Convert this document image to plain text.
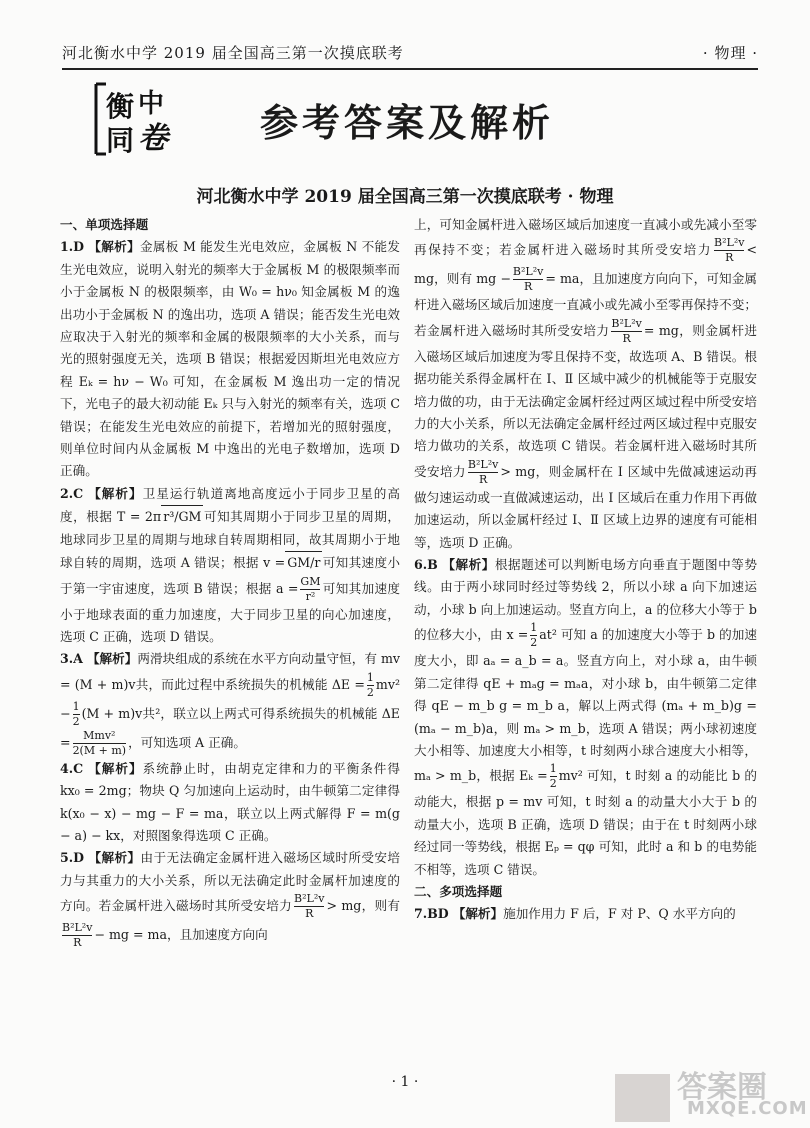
河北衡水中学 2019 届全国高三第一次摸底联考	· 物理 ·
衡 中
同 卷 参考答案及解析
河北衡水中学 2019 届全国高三第一次摸底联考 · 物理

一、单项选择题

1.D 【解析】金属板 M 能发生光电效应，金属板 N 不能发生光电效应，说明入射光的频率大于金属板 M 的极限频率而小于金属板 N 的极限频率，由 W₀ = hν₀ 知金属板 M 的逸出功小于金属板 N 的逸出功，选项 A 错误；能否发生光电效应取决于入射光的频率和金属的极限频率的大小关系，而与光的照射强度无关，选项 B 错误；根据爱因斯坦光电效应方程 Eₖ = hν − W₀ 可知，在金属板 M 逸出功一定的情况下，光电子的最大初动能 Eₖ 只与入射光的频率有关，选项 C 错误；在能发生光电效应的前提下，若增加光的照射强度，则单位时间内从金属板 M 中逸出的光电子数增加，选项 D 正确。

2.C 【解析】卫星运行轨道离地高度远小于同步卫星的高度，根据 T = 2π r³/GM 可知其周期小于同步卫星的周期，地球同步卫星的周期与地球自转周期相同，故其周期小于地球自转的周期，选项 A 错误；根据 v = GM/r 可知其速度小于第一宇宙速度，选项 B 错误；根据 $a = \frac{GM}{\text{r²}}$ 可知其加速度小于地球表面的重力加速度，大于同步卫星的向心加速度，选项 C 正确，选项 D 错误。

3.A 【解析】两滑块组成的系统在水平方向动量守恒，有 mv = (M + m)v共，而此过程中系统损失的机械能 $\Delta E = \frac{1}{2} mv^2 - \frac{1}{2} (M + m)v$共²，联立以上两式可得系统损失的机械能 $\Delta E = \frac{\text{Mmv²}}{2(M + m)}$ ，可知选项 A 正确。

4.C 【解析】系统静止时，由胡克定律和力的平衡条件得 kx₀ = 2mg；物块 Q 匀加速向上运动时，由牛顿第二定律得 k(x₀ − x) − mg − F = ma，联立以上两式解得 F = m(g − a) − kx，对照图象得选项 C 正确。

5.D 【解析】由于无法确定金属杆进入磁场区域时所受安培力与其重力的大小关系，所以无法确定此时金属杆加速度的方向。若金属杆进入磁场时其所受安培力 $\frac{\text{B²L²v}}{R}$ > mg，则有
$\frac{\text{B²L²v}}{R}$ − mg = ma，且加速度方向向

上，可知金属杆进入磁场区域后加速度一直减小或先减小至零再保持不变；若金属杆进入磁场时其所受安培力 $\frac{\text{B²L²v}}{R}$ < mg，则有 mg − $\frac{\text{B²L²v}}{R}$ = ma，且加速度方向向下，可知金属杆进入磁场区域后加速度一直减小或先减小至零再保持不变；若金属杆进入磁场时其所受安培力 $\frac{\text{B²L²v}}{R}$ = mg，则金属杆进入磁场区域后加速度为零且保持不变，故选项 A、B 错误。根据功能关系得金属杆在 Ⅰ、Ⅱ 区域中减少的机械能等于克服安培力做的功，由于无法确定金属杆经过两区域过程中所受安培力的大小关系，所以无法确定金属杆经过两区域过程中克服安培力做功的关系，故选项 C 错误。若金属杆进入磁场时其所受安培力 $\frac{\text{B²L²v}}{R}$ > mg，则金属杆在 Ⅰ 区域中先做减速运动再做匀速运动或一直做减速运动，出 Ⅰ 区域后在重力作用下再做加速运动，所以金属杆经过 Ⅰ、Ⅱ 区域上边界的速度有可能相等，选项 D 正确。

6.B 【解析】根据题述可以判断电场方向垂直于题图中等势线。由于两小球同时经过等势线 2，所以小球 a 向下加速运动，小球 b 向上加速运动。竖直方向上，a 的位移大小等于 b 的位移大小，由 $x = \frac{1}{2} at^2$ 可知 a 的加速度大小等于 b 的加速度大小，即 aₐ = a_b = a。竖直方向上，对小球 a，由牛顿第二定律得 qE + mₐg = mₐa，对小球 b，由牛顿第二定律得 qE − m_b g = m_b a，解以上两式得 (mₐ + m_b)g = (mₐ − m_b)a，则 mₐ > m_b，选项 A 错误；两小球初速度大小相等、加速度大小相等，t 时刻两小球合速度大小相等，mₐ > m_b，根据 $E_k = \frac{1}{2} mv^2$ 可知，t 时刻 a 的动能比 b 的动能大，根据 p = mv 可知，t 时刻 a 的动量大小大于 b 的动量大小，选项 B 正确，选项 D 错误；由于在 t 时刻两小球经过同一等势线，根据 Eₚ = qφ 可知，此时 a 和 b 的电势能不相等，选项 C 错误。

二、多项选择题

7.BD 【解析】施加作用力 F 后，F 对 P、Q 水平方向的

· 1 ·	答案圈
MXQE.COM
